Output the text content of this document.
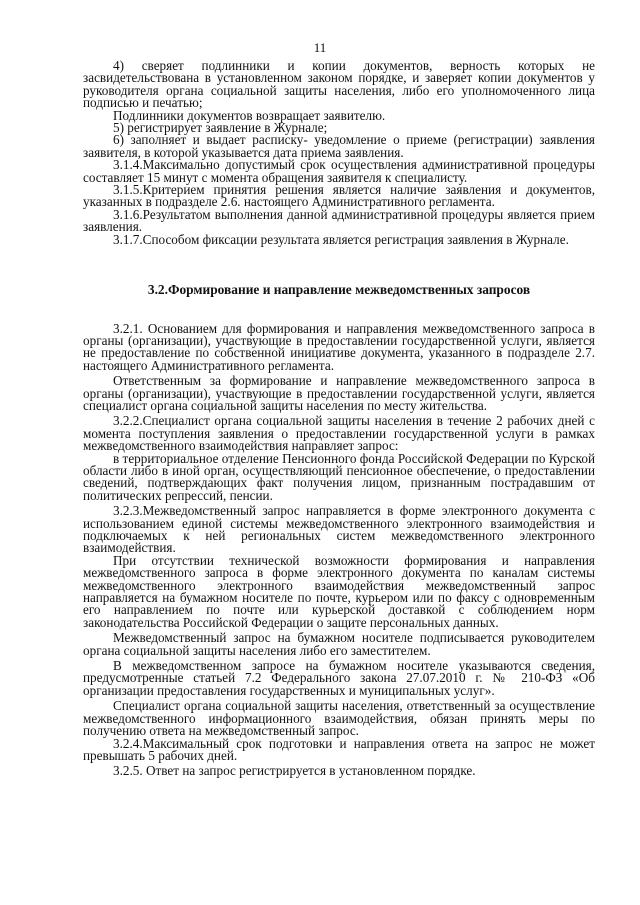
11

4) сверяет подлинники и копии документов, верность которых не засвидетельствована в установленном законом порядке, и заверяет копии документов у руководителя органа социальной защиты населения, либо его уполномоченного лица подписью и печатью;

Подлинники документов возвращает заявителю.

5) регистрирует заявление в Журнале;

6) заполняет и выдает расписку- уведомление о приеме (регистрации) заявления заявителя, в которой указывается дата приема заявления.

3.1.4.Максимально допустимый срок осуществления административной процедуры составляет 15 минут с момента обращения заявителя к специалисту.

3.1.5.Критерием принятия решения является наличие заявления и документов, указанных в подразделе 2.6. настоящего Административного регламента.

3.1.6.Результатом выполнения данной административной процедуры является прием заявления.

3.1.7.Способом фиксации результата является регистрация заявления в Журнале.

3.2.Формирование и направление межведомственных запросов

3.2.1. Основанием для формирования и направления межведомственного запроса в органы (организации), участвующие в предоставлении государственной услуги, является не предоставление по собственной инициативе документа, указанного в подразделе 2.7. настоящего Административного регламента.

Ответственным за формирование и направление межведомственного запроса в органы (организации), участвующие в предоставлении государственной услуги, является специалист органа социальной защиты населения по месту жительства.

3.2.2.Специалист органа социальной защиты населения в течение 2 рабочих дней с момента поступления заявления о предоставлении государственной услуги в рамках межведомственного взаимодействия направляет запрос:

в территориальное отделение Пенсионного фонда Российской Федерации по Курской области либо в иной орган, осуществляющий пенсионное обеспечение, о предоставлении сведений, подтверждающих факт получения лицом, признанным пострадавшим от политических репрессий, пенсии.

3.2.3.Межведомственный запрос направляется в форме электронного документа с использованием единой системы межведомственного электронного взаимодействия и подключаемых к ней региональных систем межведомственного электронного взаимодействия.

При отсутствии технической возможности формирования и направления межведомственного запроса в форме электронного документа по каналам системы межведомственного электронного взаимодействия межведомственный запрос направляется на бумажном носителе по почте, курьером или по факсу с одновременным его направлением по почте или курьерской доставкой с соблюдением норм законодательства Российской Федерации о защите персональных данных.

Межведомственный запрос на бумажном носителе подписывается руководителем органа социальной защиты населения либо его заместителем.

В межведомственном запросе на бумажном носителе указываются сведения, предусмотренные статьей 7.2 Федерального закона 27.07.2010 г. № 210-ФЗ «Об организации предоставления государственных и муниципальных услуг».

Специалист органа социальной защиты населения, ответственный за осуществление межведомственного информационного взаимодействия, обязан принять меры по получению ответа на межведомственный запрос.

3.2.4.Максимальный срок подготовки и направления ответа на запрос не может превышать 5 рабочих дней.

3.2.5. Ответ на запрос регистрируется в установленном порядке.
